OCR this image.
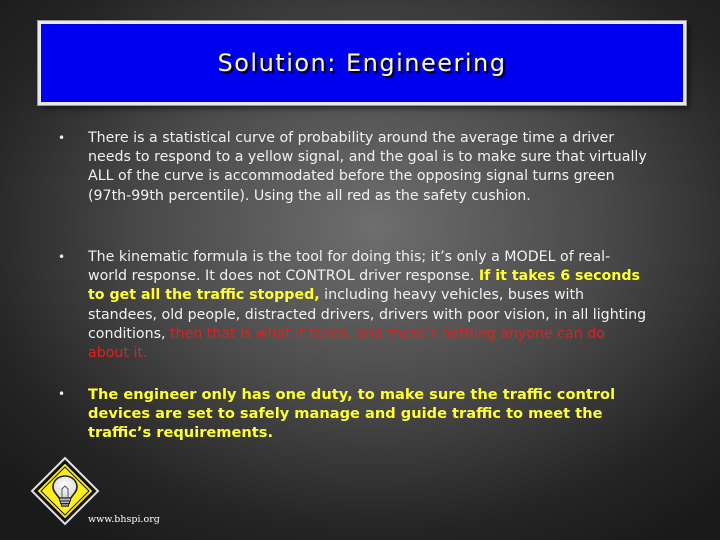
Solution: Engineering
• There is a statistical curve of probability around the average time a driver needs to respond to a yellow signal, and the goal is to make sure that virtually ALL of the curve is accommodated before the opposing signal turns green (97th-99th percentile). Using the all red as the safety cushion.
• The kinematic formula is the tool for doing this; it’s only a MODEL of real-world response. It does not CONTROL driver response. If it takes 6 seconds to get all the traffic stopped, including heavy vehicles, buses with standees, old people, distracted drivers, drivers with poor vision, in all lighting conditions, then that is what it takes, and there’s nothing anyone can do about it.
• The engineer only has one duty, to make sure the traffic control devices are set to safely manage and guide traffic to meet the traffic’s requirements.
www.bhspi.org
